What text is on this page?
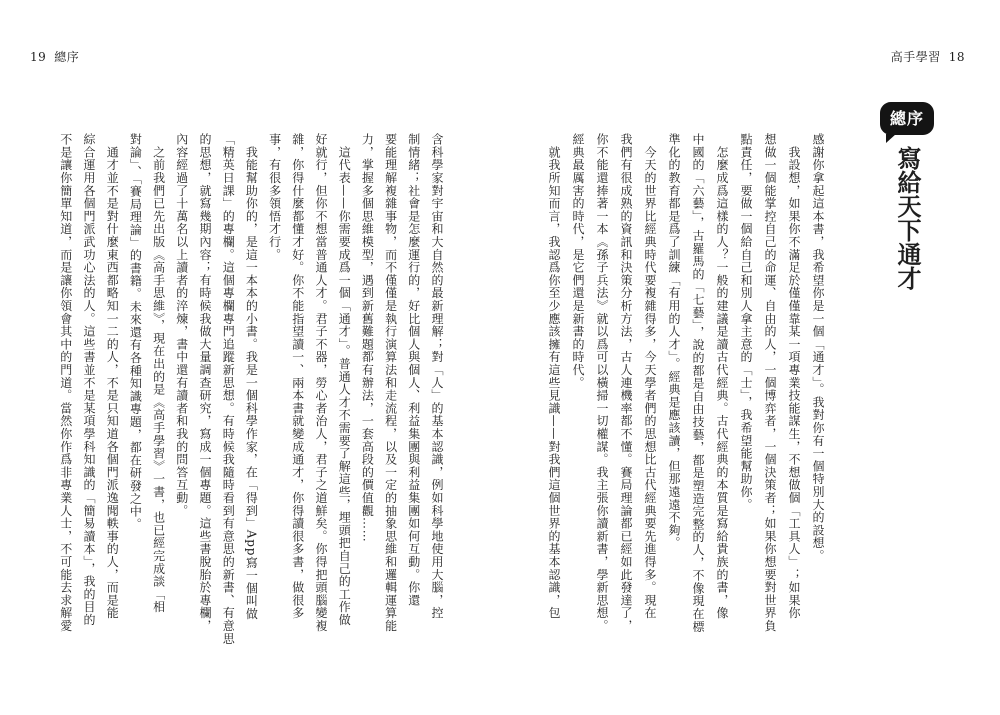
19 總序
含科學家對宇宙和大自然的最新理解；對「人」的基本認識，例如科學地使用大腦，控
制情緒；社會是怎麼運行的，好比個人與個人、利益集團與利益集團如何互動。你還
要能理解複雜事物，而不僅僅是執行演算法和走流程，以及一定的抽象思維和邏輯運算能
力，掌握多個思維模型，遇到新舊難題都有辦法，一套高段的價值觀……
　這代表——你需要成爲一個「通才」。普通人才不需要了解這些，埋頭把自己的工作做
好就行，但你不想當普通人才。君子不器，勞心者治人，君子之道鮮矣。你得把頭腦變複
雜，你得什麼都懂才好。你不能指望讀一、兩本書就變成通才，你得讀很多書，做很多
事，有很多領悟才行。
　我能幫助你的，是這一本本的小書。我是一個科學作家，在「得到」App寫一個叫做
「精英日課」的專欄。這個專欄專門追蹤新思想。有時候我隨時看到有意思的新書、有意思
的思想，就寫幾期內容；有時候我做大量調查研究，寫成一個專題。這些書脫胎於專欄，
內容經過了十萬名以上讀者的淬煉，書中還有讀者和我的問答互動。
　之前我們已先出版《高手思維》，現在出的是《高手學習》一書，也已經完成談「相
對論」、「賽局理論」的書籍。未來還有各種知識專題，都在研發之中。
　通才並不是對什麼東西都略知一二的人，不是只知道各個門派逸聞軼事的人，而是能
綜合運用各個門派武功心法的人。這些書並不是某項學科知識的「簡易讀本」，我的目的
不是讓你簡單知道，而是讓你領會其中的門道。當然你作爲非專業人士，不可能去求解愛
高手學習 18
總序
寫給天下通才
感謝你拿起這本書，我希望你是一個「通才」。我對你有一個特別大的設想。
　我設想，如果你不滿足於僅僅靠某一項專業技能謀生，不想做個「工具人」；如果你
想做一個能掌控自己的命運、自由的人，一個博弈者，一個決策者；如果你想要對世界負
點責任，要做一個給自己和別人拿主意的「士」，我希望能幫助你。
　怎麼成爲這樣的人？一般的建議是讀古代經典。古代經典的本質是寫給貴族的書，像
中國的「六藝」，古羅馬的「七藝」，說的都是自由技藝，都是塑造完整的人，不像現在標
準化的教育都是爲了訓練「有用的人才」。經典是應該讀，但那遠遠不夠。
　今天的世界比經典時代要複雜得多，今天學者們的思想比古代經典要先進得多。現在
我們有很成熟的資訊和決策分析方法，古人連機率都不懂。賽局理論都已經如此發達了，
你不能還捧著一本《孫子兵法》就以爲可以橫掃一切權謀。我主張你讀新書，學新思想。
經典最厲害的時代，是它們還是新書的時代。
　就我所知而言，我認爲你至少應該擁有這些見識——對我們這個世界的基本認識，包
